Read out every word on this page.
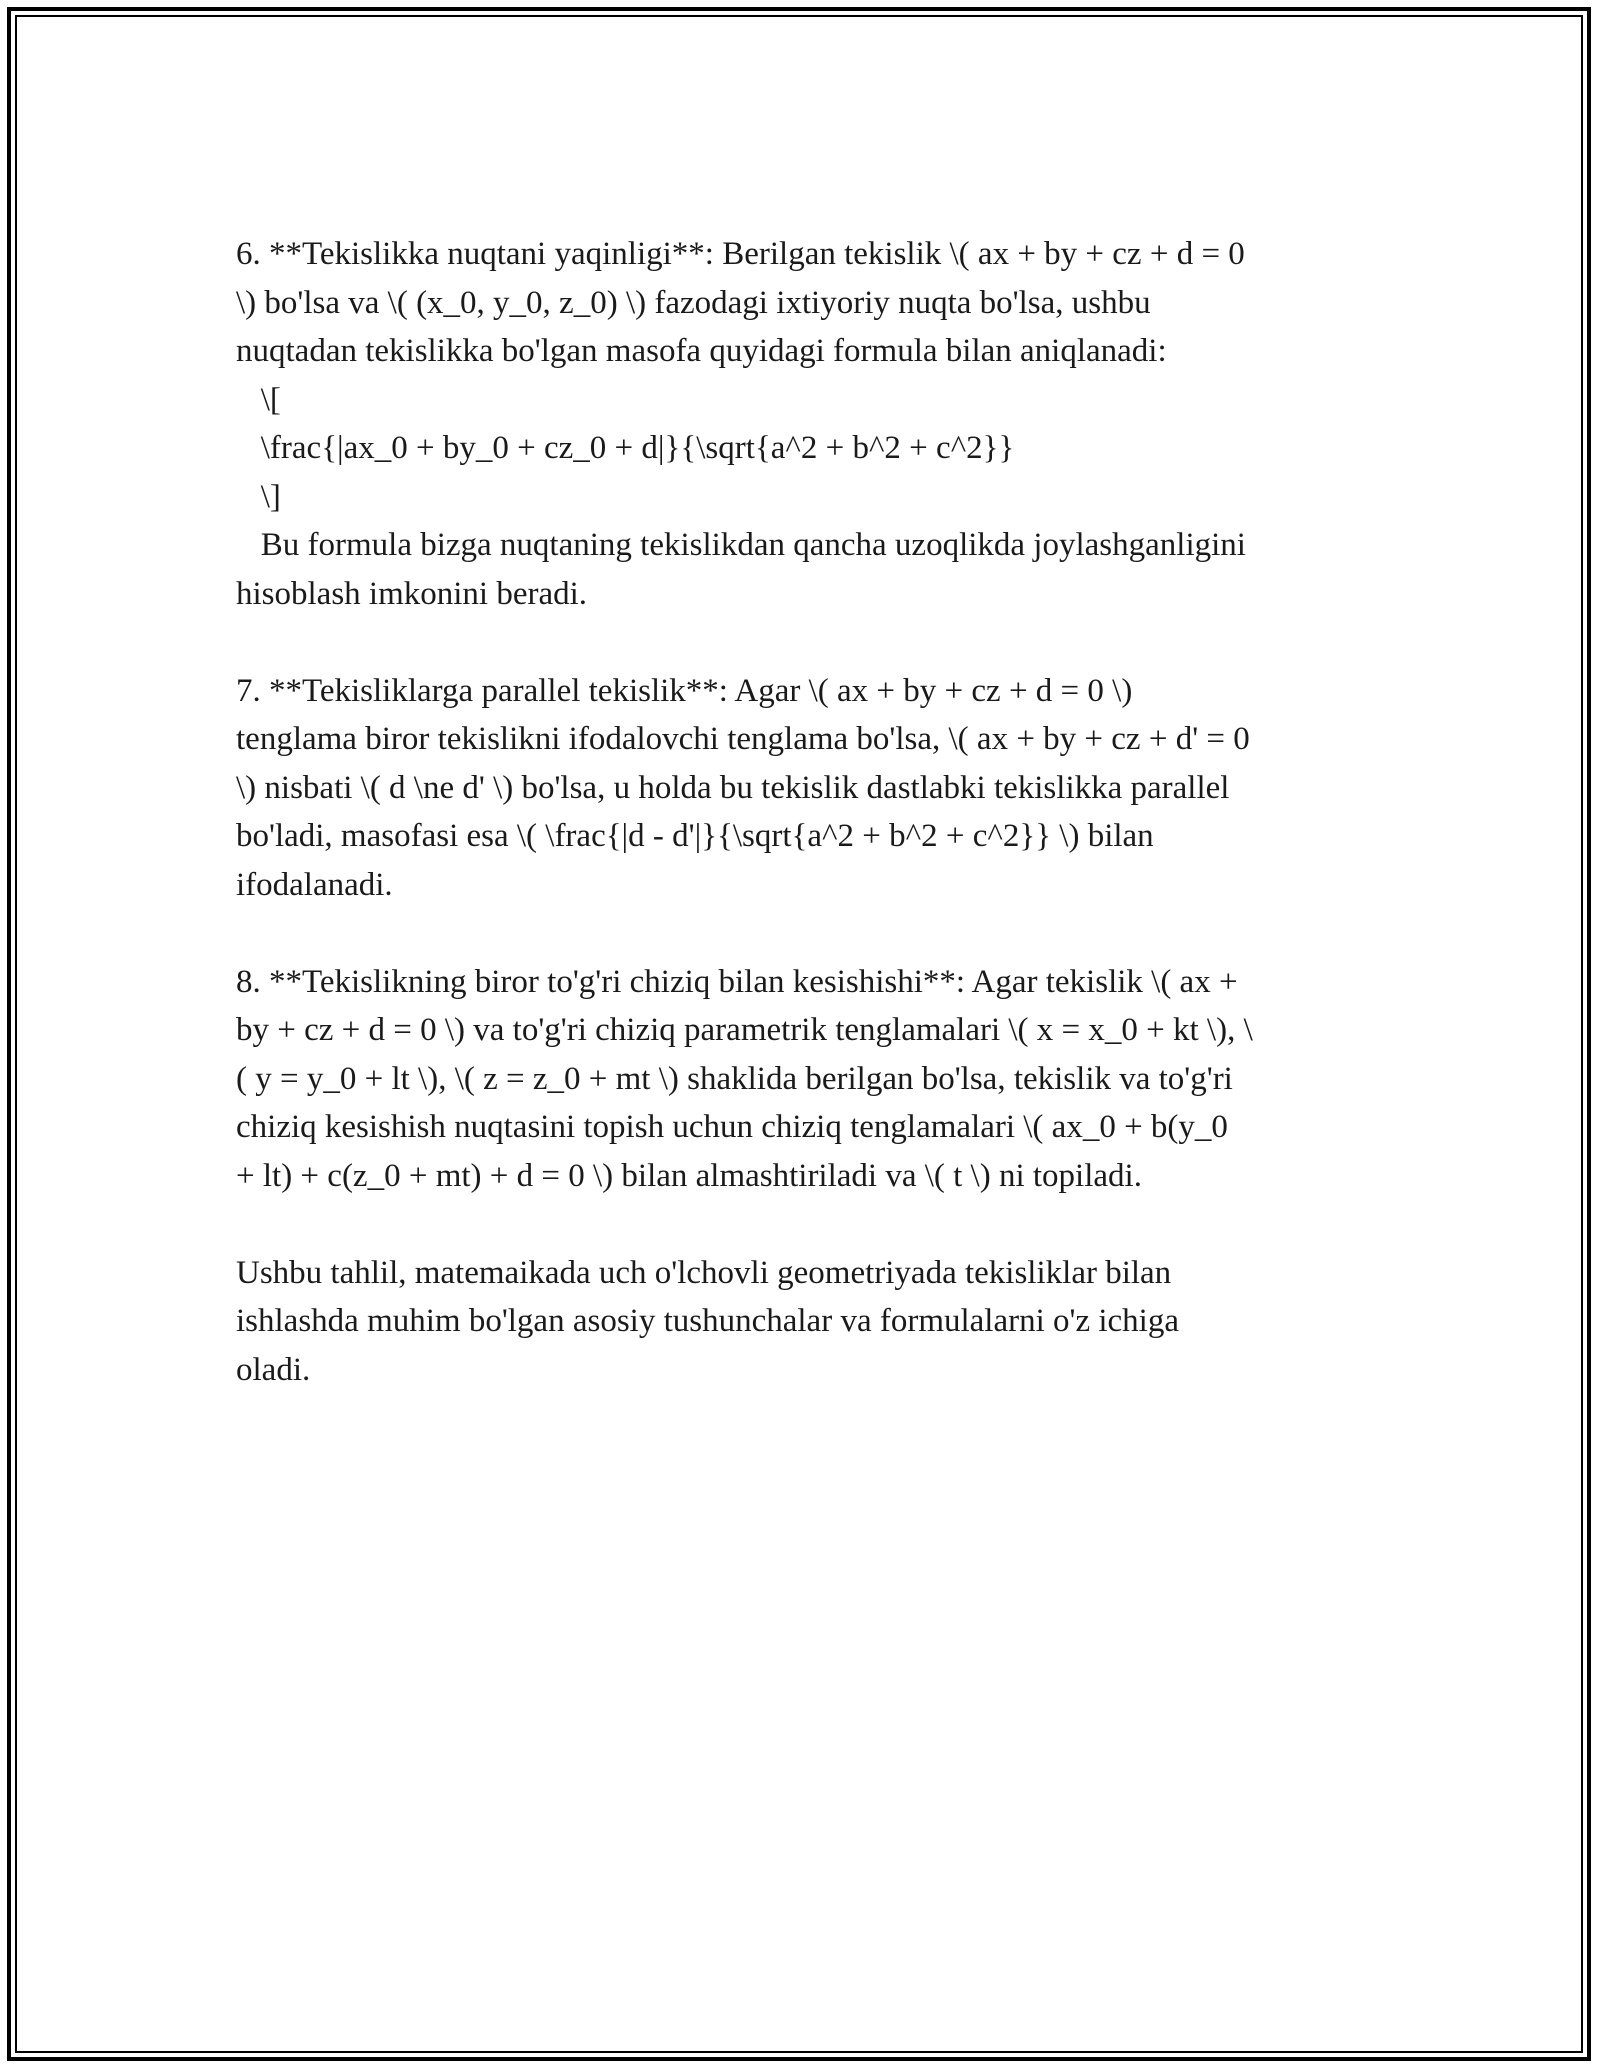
6. **Tekislikka nuqtani yaqinligi**: Berilgan tekislik \( ax + by + cz + d = 0
\) bo'lsa va \( (x_0, y_0, z_0) \) fazodagi ixtiyoriy nuqta bo'lsa, ushbu
nuqtadan tekislikka bo'lgan masofa quyidagi formula bilan aniqlanadi:
\[
\frac{|ax_0 + by_0 + cz_0 + d|}{\sqrt{a^2 + b^2 + c^2}}
\]
Bu formula bizga nuqtaning tekislikdan qancha uzoqlikda joylashganligini
hisoblash imkonini beradi.
7. **Tekisliklarga parallel tekislik**: Agar \( ax + by + cz + d = 0 \)
tenglama biror tekislikni ifodalovchi tenglama bo'lsa, \( ax + by + cz + d' = 0
\) nisbati \( d \ne d' \) bo'lsa, u holda bu tekislik dastlabki tekislikka parallel
bo'ladi, masofasi esa \( \frac{|d - d'|}{\sqrt{a^2 + b^2 + c^2}} \) bilan
ifodalanadi.
8. **Tekislikning biror to'g'ri chiziq bilan kesishishi**: Agar tekislik \( ax +
by + cz + d = 0 \) va to'g'ri chiziq parametrik tenglamalari \( x = x_0 + kt \), \
( y = y_0 + lt \), \( z = z_0 + mt \) shaklida berilgan bo'lsa, tekislik va to'g'ri
chiziq kesishish nuqtasini topish uchun chiziq tenglamalari \( ax_0 + b(y_0
+ lt) + c(z_0 + mt) + d = 0 \) bilan almashtiriladi va \( t \) ni topiladi.
Ushbu tahlil, matemaikada uch o'lchovli geometriyada tekisliklar bilan
ishlashda muhim bo'lgan asosiy tushunchalar va formulalarni o'z ichiga
oladi.
